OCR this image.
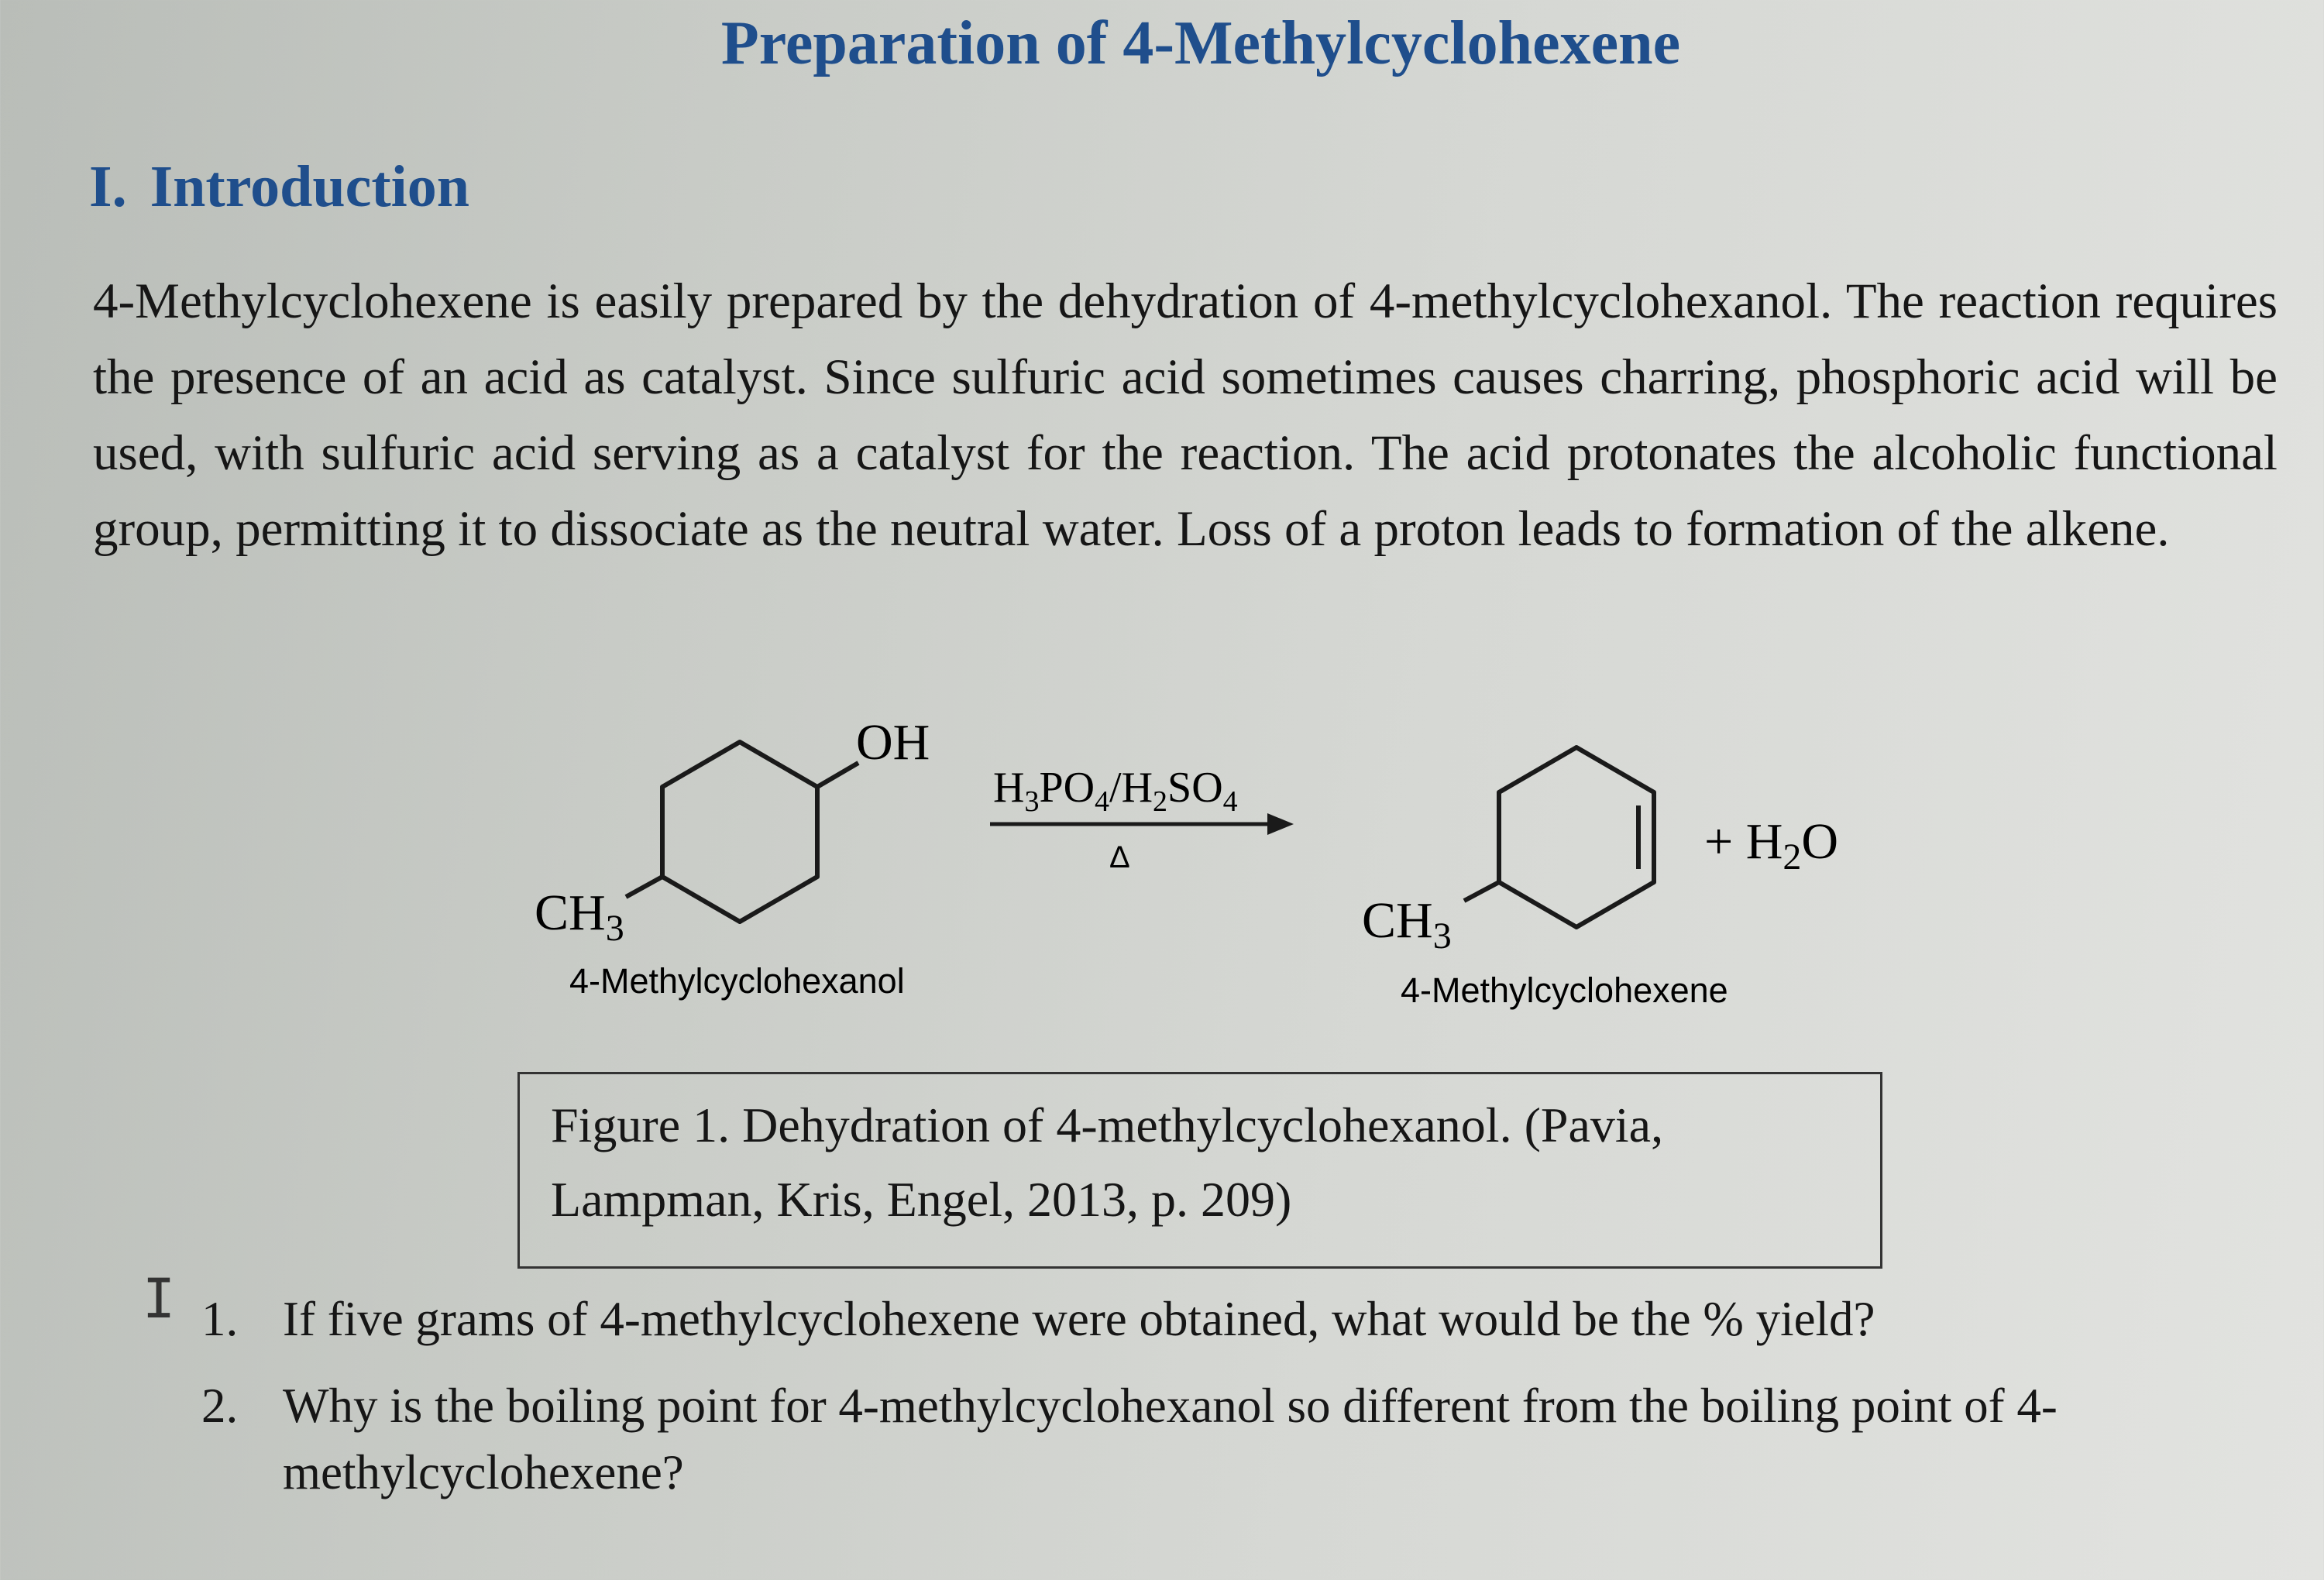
Preparation of 4-Methylcyclohexene
I. Introduction

4-Methylcyclohexene is easily prepared by the dehydration of 4-methylcyclohexanol. The reaction requires the presence of an acid as catalyst. Since sulfuric acid sometimes causes charring, phosphoric acid will be used, with sulfuric acid serving as a catalyst for the reaction. The acid protonates the alcoholic functional group, permitting it to dissociate as the neutral water. Loss of a proton leads to formation of the alkene.

OH
$CH_3$
4-Methylcyclohexanol
$H_3PO_4/H_2SO_4$
Δ
$CH_3$
4-Methylcyclohexene
+ $H_2O$
Figure 1. Dehydration of 4-methylcyclohexanol. (Pavia,
Lampman, Kris, Engel, 2013, p. 209)
I 1. If five grams of 4-methylcyclohexene were obtained, what would be the % yield?
2. Why is the boiling point for 4-methylcyclohexanol so different from the boiling point of 4-methylcyclohexene?
